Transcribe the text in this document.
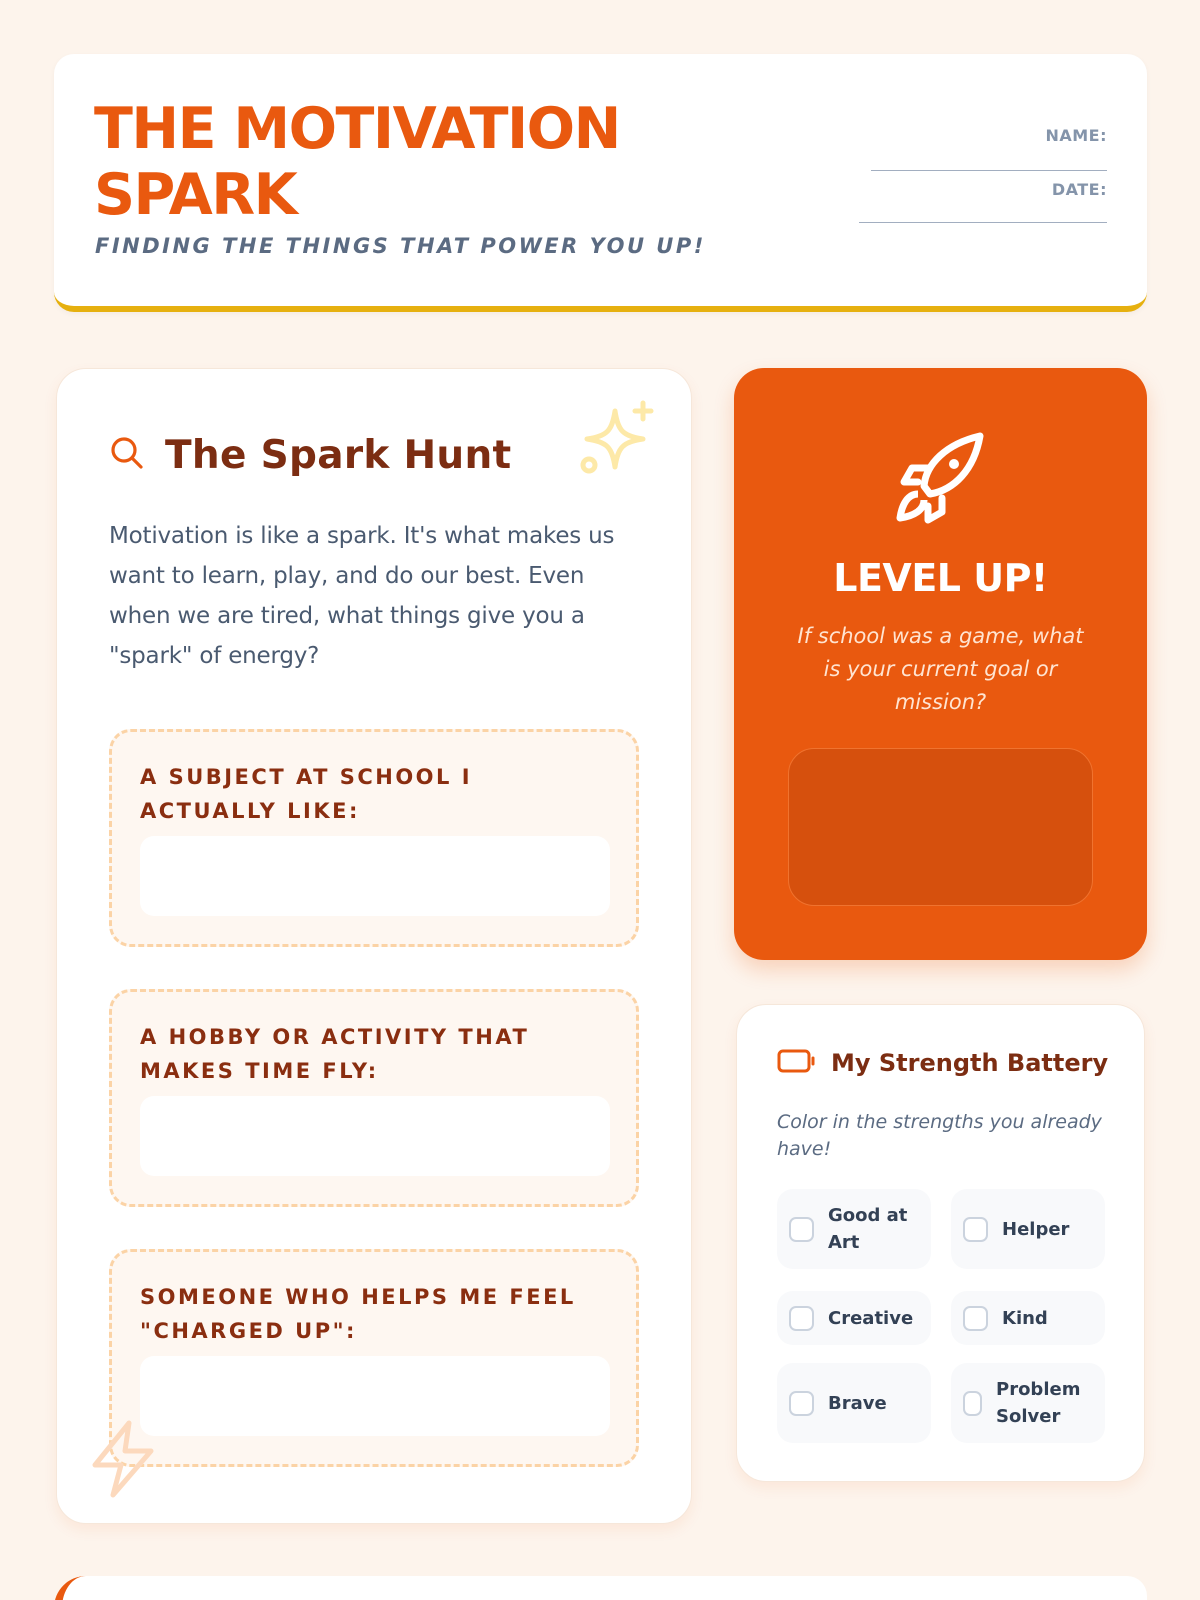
THE MOTIVATION SPARK
FINDING THE THINGS THAT POWER YOU UP!
NAME:
DATE:
The Spark Hunt
Motivation is like a spark. It's what makes us want to learn, play, and do our best. Even when we are tired, what things give you a "spark" of energy?
A SUBJECT AT SCHOOL I ACTUALLY LIKE:
A HOBBY OR ACTIVITY THAT MAKES TIME FLY:
SOMEONE WHO HELPS ME FEEL "CHARGED UP":
LEVEL UP!
If school was a game, what is your current goal or mission?
My Strength Battery
Color in the strengths you already have!
Good at Art
Helper
Creative	Kind
Brave
Problem Solver
